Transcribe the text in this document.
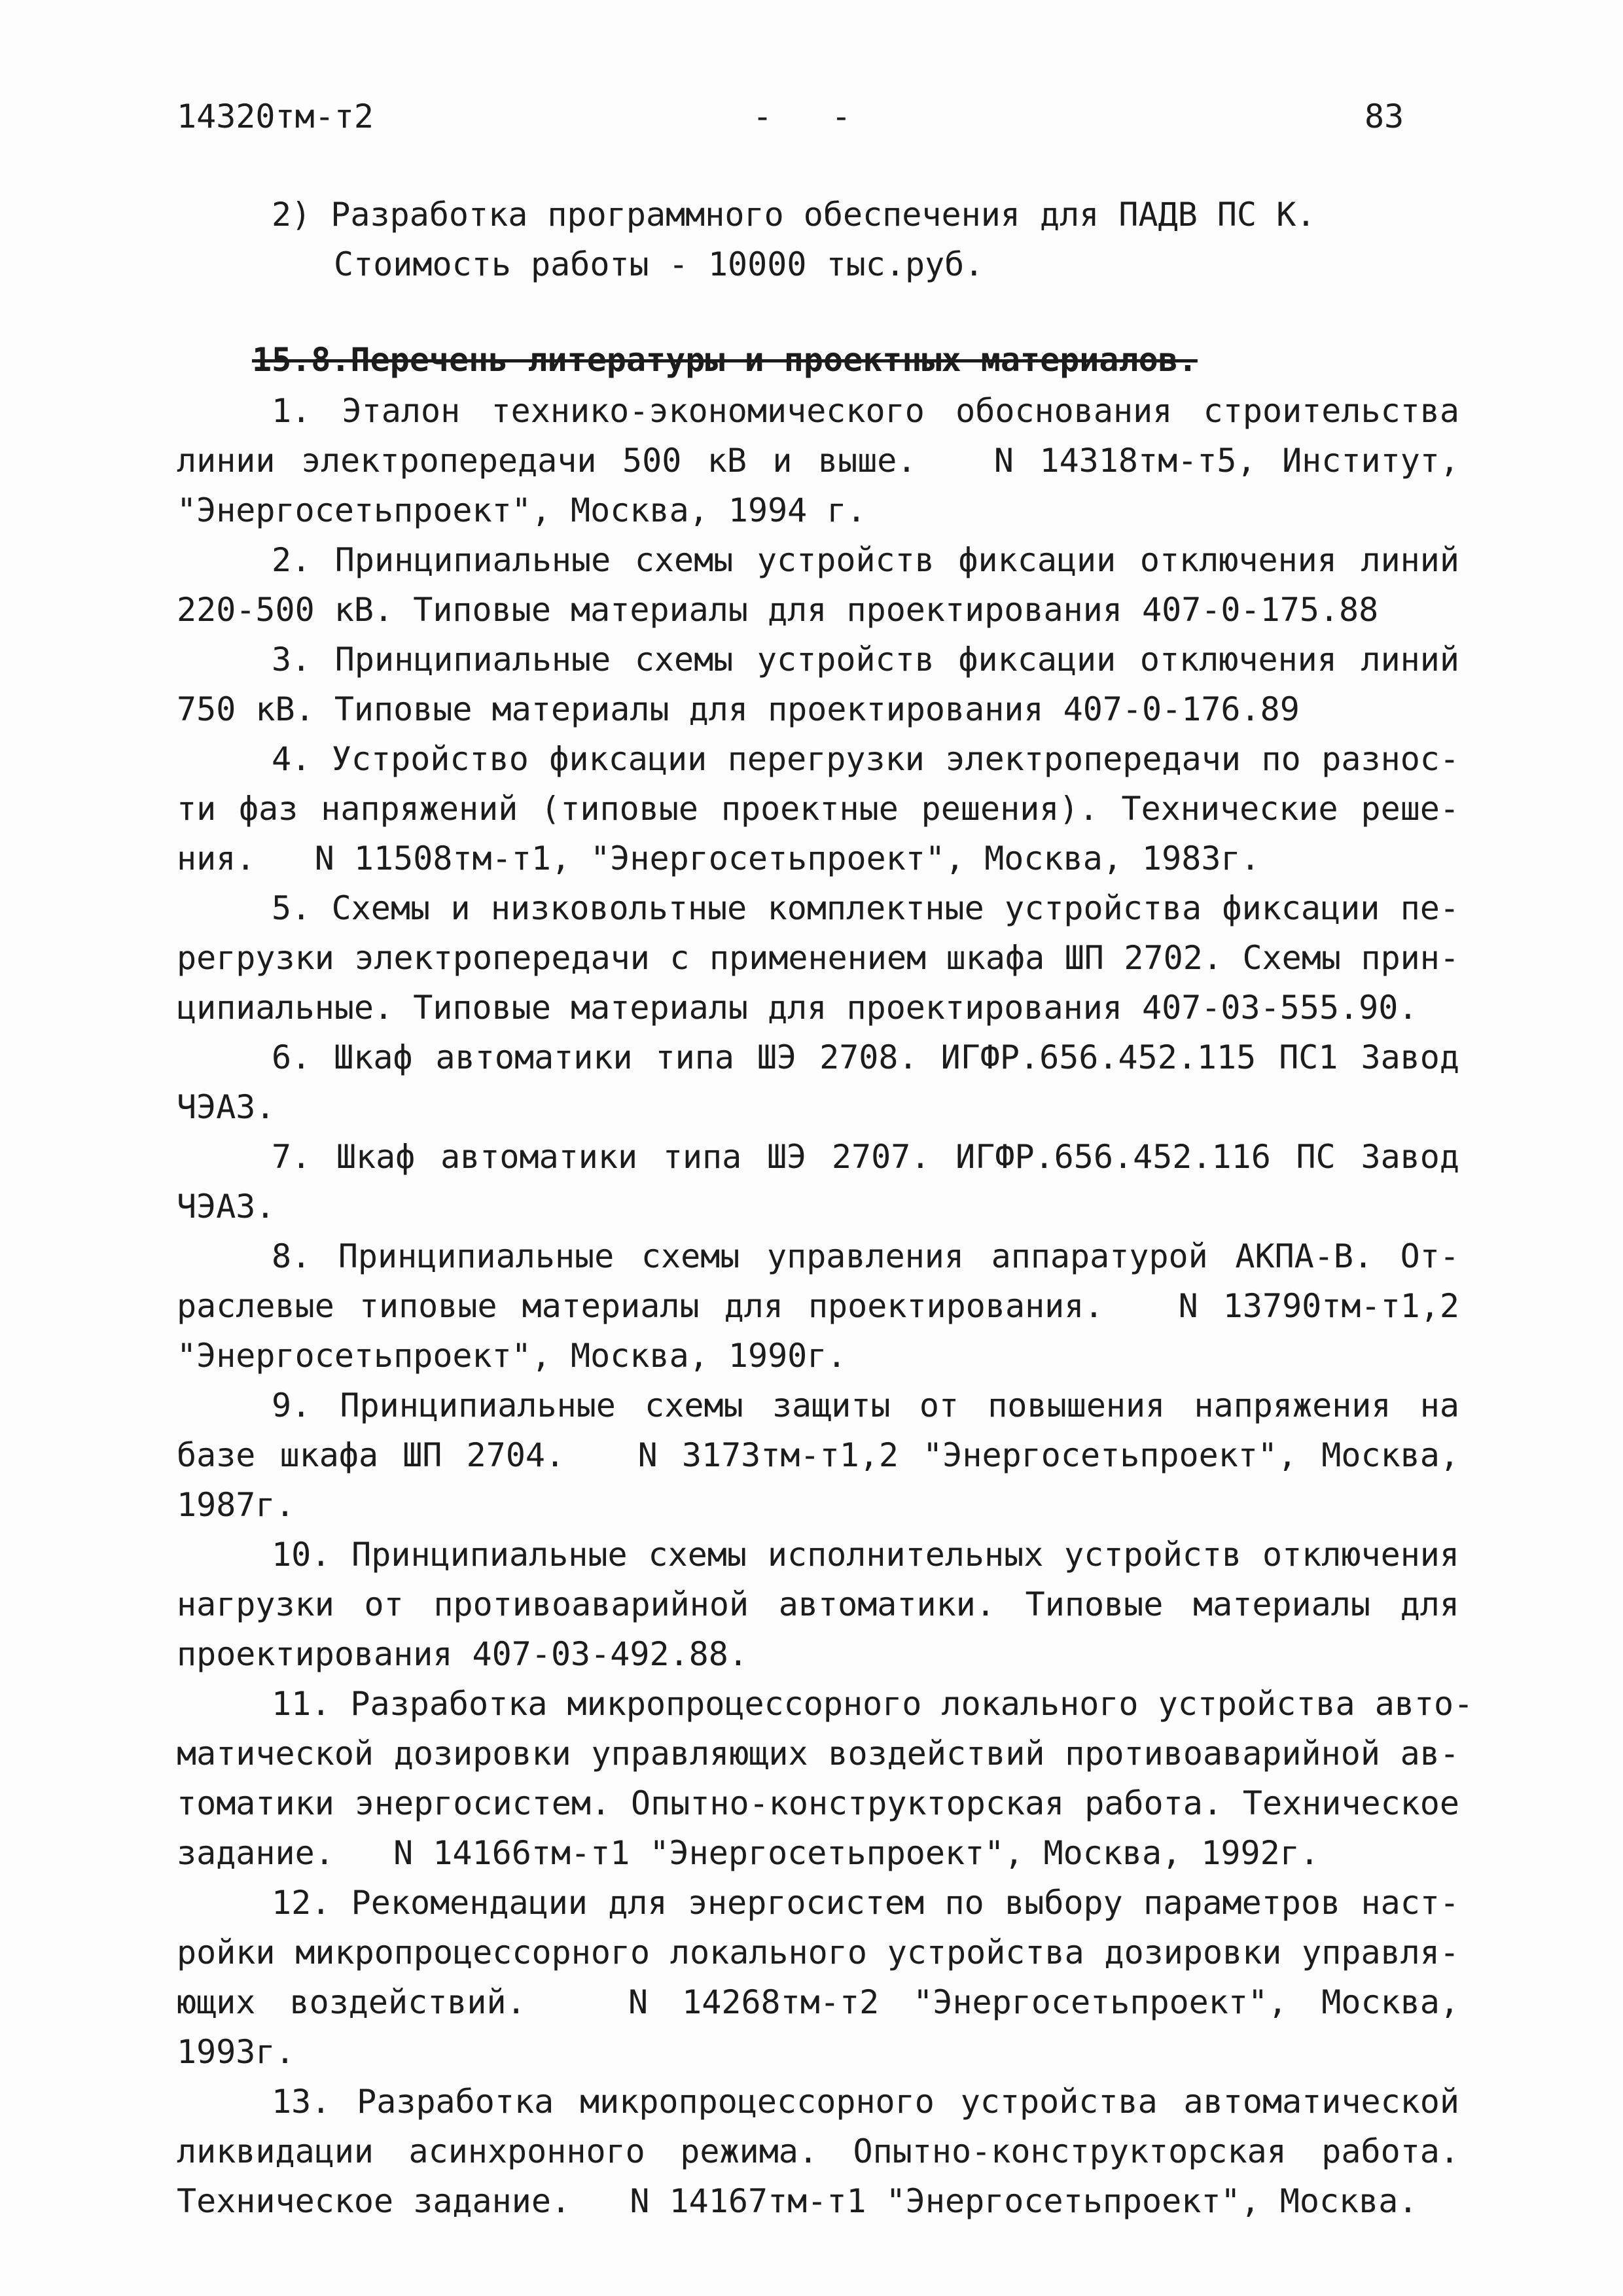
14320тм-т2	-   -	83
2) Разработка программного обеспечения для ПАДВ ПС К.
Стоимость работы - 10000 тыс.руб.
15.8.Перечень литературы и проектных материалов.
1. Эталон технико-экономического обоснования строительства
линии электропередачи 500 кВ и выше.   N 14318тм-т5, Институт,
"Энергосетьпроект", Москва, 1994 г.
2. Принципиальные схемы устройств фиксации отключения линий
220-500 кВ. Типовые материалы для проектирования 407-0-175.88
3. Принципиальные схемы устройств фиксации отключения линий
750 кВ. Типовые материалы для проектирования 407-0-176.89
4. Устройство фиксации перегрузки электропередачи по разнос-
ти фаз напряжений (типовые проектные решения). Технические реше-
ния.   N 11508тм-т1, "Энергосетьпроект", Москва, 1983г.
5. Схемы и низковольтные комплектные устройства фиксации пе-
регрузки электропередачи с применением шкафа ШП 2702. Схемы прин-
ципиальные. Типовые материалы для проектирования 407-03-555.90.
6. Шкаф автоматики типа ШЭ 2708. ИГФР.656.452.115 ПС1 Завод
ЧЭАЗ.
7. Шкаф автоматики типа ШЭ 2707. ИГФР.656.452.116 ПС Завод
ЧЭАЗ.
8. Принципиальные схемы управления аппаратурой АКПА-В. От-
раслевые типовые материалы для проектирования.   N 13790тм-т1,2
"Энергосетьпроект", Москва, 1990г.
9. Принципиальные схемы защиты от повышения напряжения на
базе шкафа ШП 2704.   N 3173тм-т1,2 "Энергосетьпроект", Москва,
1987г.
10. Принципиальные схемы исполнительных устройств отключения
нагрузки от противоаварийной автоматики. Типовые материалы для
проектирования 407-03-492.88.
11. Разработка микропроцессорного локального устройства авто-
матической дозировки управляющих воздействий противоаварийной ав-
томатики энергосистем. Опытно-конструкторская работа. Техническое
задание.   N 14166тм-т1 "Энергосетьпроект", Москва, 1992г.
12. Рекомендации для энергосистем по выбору параметров наст-
ройки микропроцессорного локального устройства дозировки управля-
ющих воздействий.   N 14268тм-т2 "Энергосетьпроект", Москва,
1993г.
13. Разработка микропроцессорного устройства автоматической
ликвидации асинхронного режима. Опытно-конструкторская работа.
Техническое задание.   N 14167тм-т1 "Энергосетьпроект", Москва.
